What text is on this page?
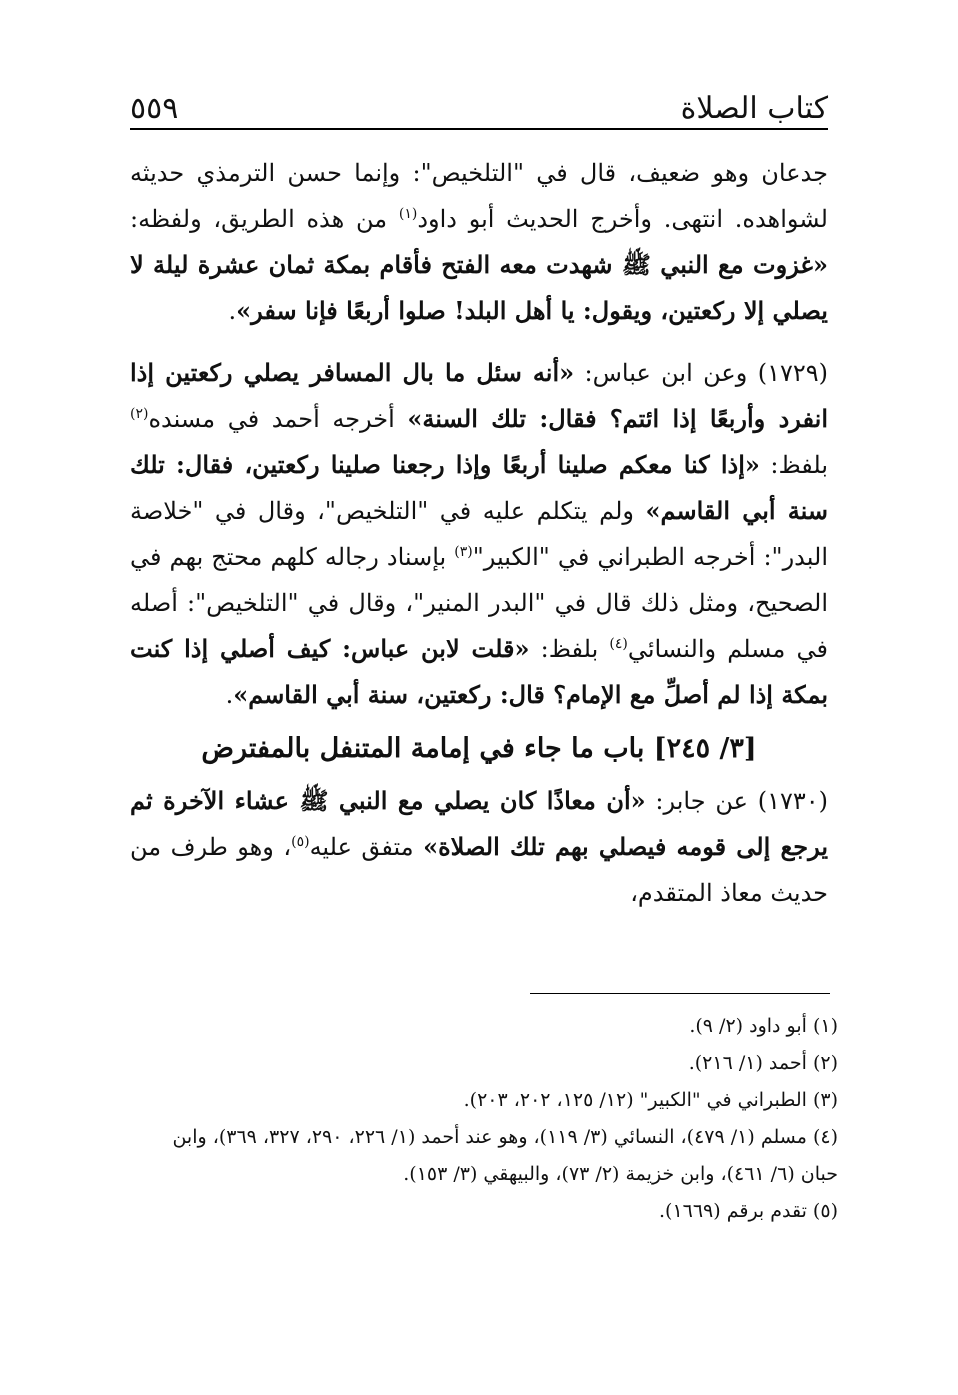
كتاب الصلاة
٥٥٩

جدعان وهو ضعيف، قال في "التلخيص": وإنما حسن الترمذي حديثه لشواهده. انتهى. وأخرج الحديث أبو داود$^{(١)}$ من هذه الطريق، ولفظه: «غزوت مع النبي ﷺ شهدت معه الفتح فأقام بمكة ثمان عشرة ليلة لا يصلي إلا ركعتين، ويقول: يا أهل البلد! صلوا أربعًا فإنا سفر».

(١٧٢٩) وعن ابن عباس: «أنه سئل ما بال المسافر يصلي ركعتين إذا انفرد وأربعًا إذا ائتم؟ فقال: تلك السنة» أخرجه أحمد في مسنده$^{(٢)}$ بلفظ: «إذا كنا معكم صلينا أربعًا وإذا رجعنا صلينا ركعتين، فقال: تلك سنة أبي القاسم» ولم يتكلم عليه في "التلخيص"، وقال في "خلاصة البدر": أخرجه الطبراني في "الكبير"$^{(٣)}$ بإسناد رجاله كلهم محتج بهم في الصحيح، ومثل ذلك قال في "البدر المنير"، وقال في "التلخيص": أصله في مسلم والنسائي$^{(٤)}$ بلفظ: «قلت لابن عباس: كيف أصلي إذا كنت بمكة إذا لم أصلِّ مع الإمام؟ قال: ركعتين، سنة أبي القاسم».

[٣/ ٢٤٥] باب ما جاء في إمامة المتنفل بالمفترض

(١٧٣٠) عن جابر: «أن معاذًا كان يصلي مع النبي ﷺ عشاء الآخرة ثم يرجع إلى قومه فيصلي بهم تلك الصلاة» متفق عليه$^{(٥)}$، وهو طرف من حديث معاذ المتقدم،

(١) أبو داود (٢/ ٩).

(٢) أحمد (١/ ٢١٦).

(٣) الطبراني في "الكبير" (١٢/ ١٢٥، ٢٠٢، ٢٠٣).

(٤) مسلم (١/ ٤٧٩)، النسائي (٣/ ١١٩)، وهو عند أحمد (١/ ٢٢٦، ٢٩٠، ٣٢٧، ٣٦٩)، وابن حبان (٦/ ٤٦١)، وابن خزيمة (٢/ ٧٣)، والبيهقي (٣/ ١٥٣).

(٥) تقدم برقم (١٦٦٩).
